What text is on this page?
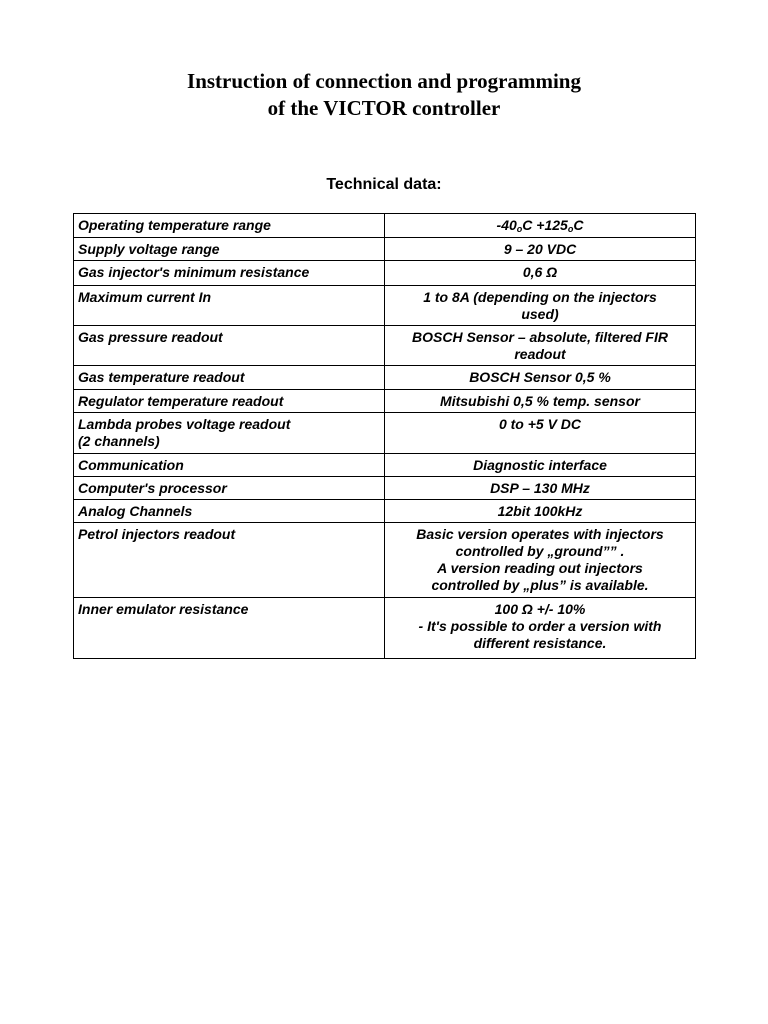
Instruction of connection and programming
of the VICTOR controller
Technical data:
Operating temperature range	$-40_oC +125_oC$

Supply voltage range	9 – 20 VDC

Gas injector's minimum resistance	0,6 Ω

Maximum current In	1 to 8A (depending on the injectors
used)

Gas pressure readout	BOSCH Sensor – absolute, filtered FIR
readout

Gas temperature readout	BOSCH Sensor 0,5 %

Regulator temperature readout	Mitsubishi 0,5 % temp. sensor

Lambda probes voltage readout
(2 channels)	0 to +5 V DC

Communication	Diagnostic interface

Computer's processor	DSP – 130 MHz

Analog Channels	12bit 100kHz

Petrol injectors readout	Basic version operates with injectors
controlled by „ground”” .
A version reading out injectors
controlled by „plus” is available.

Inner emulator resistance	100 Ω +/- 10%
- It's possible to order a version with
different resistance.
